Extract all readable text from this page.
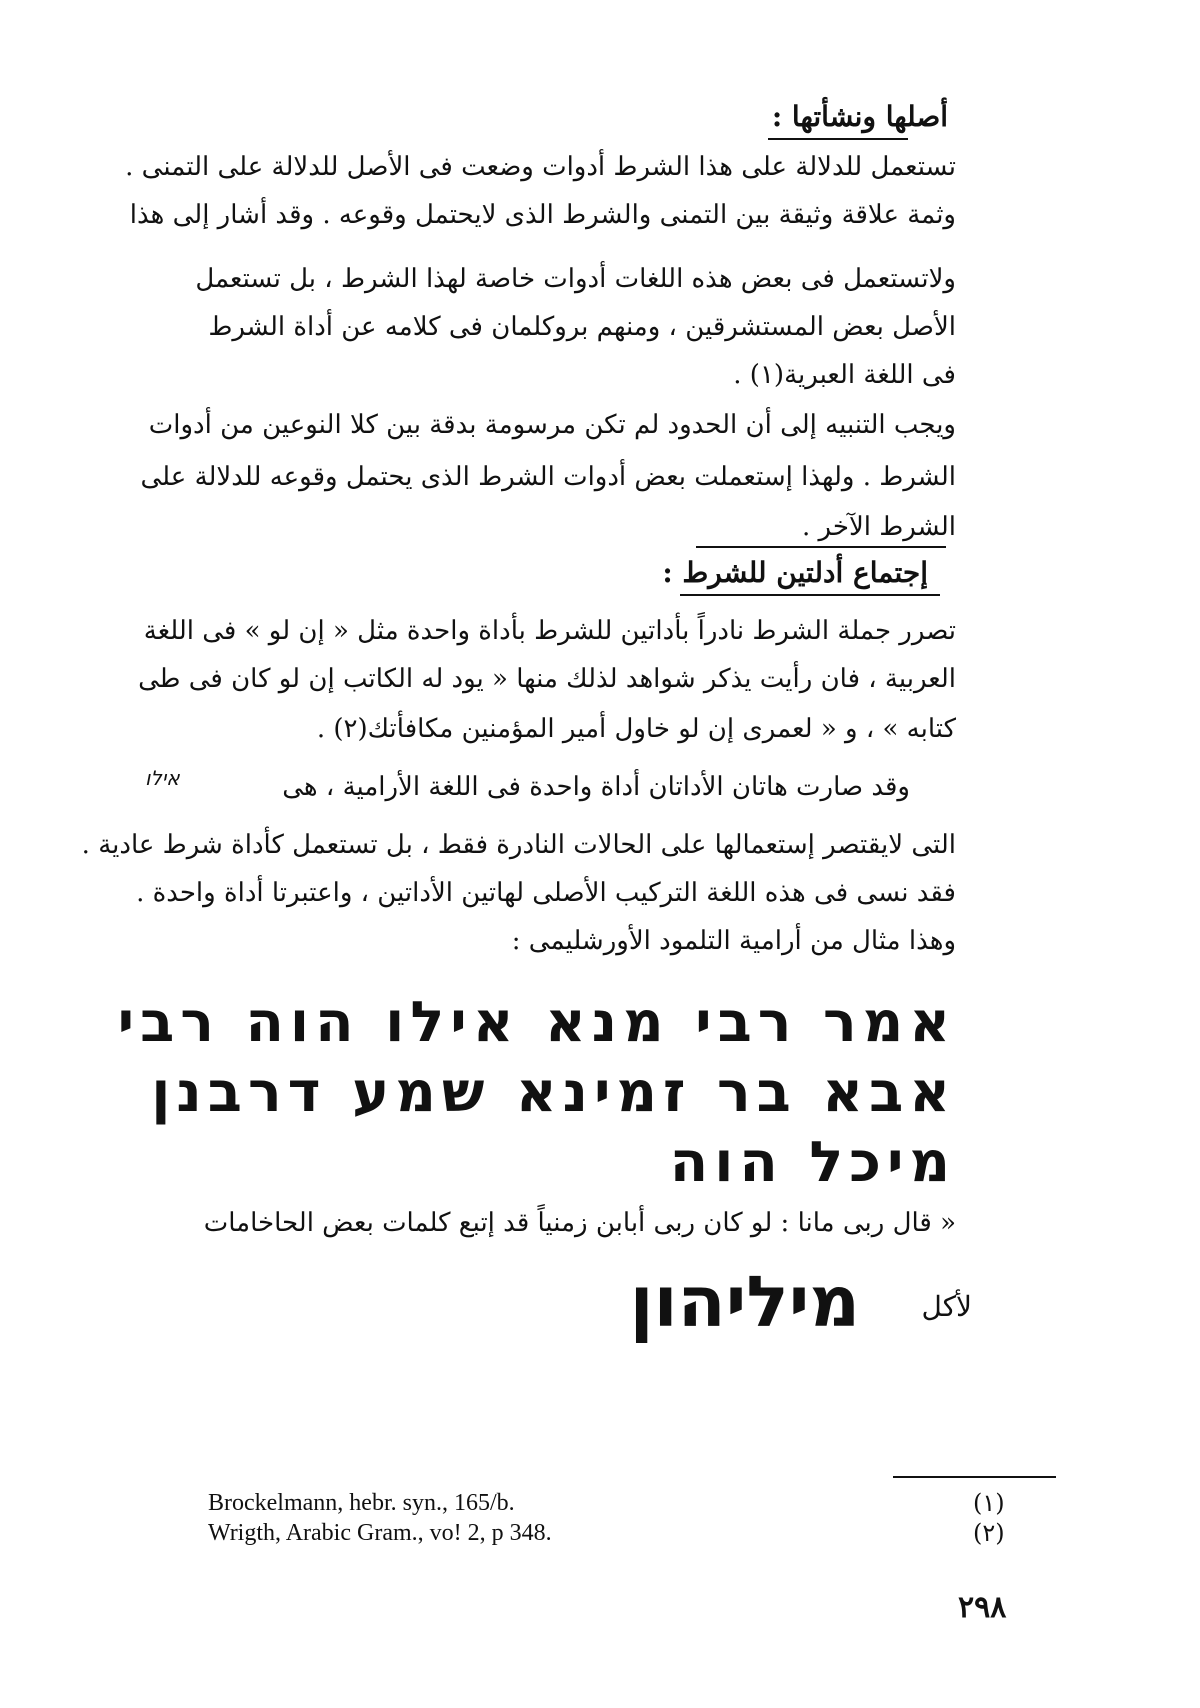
أصلها ونشأتها :
تستعمل للدلالة على هذا الشرط أدوات وضعت فى الأصل للدلالة على التمنى .
وثمة علاقة وثيقة بين التمنى والشرط الذى لايحتمل وقوعه . وقد أشار إلى هذا
ولاتستعمل فى بعض هذه اللغات أدوات خاصة لهذا الشرط ، بل تستعمل
الأصل بعض المستشرقين ، ومنهم بروكلمان فى كلامه عن أداة الشرط
فى اللغة العبرية(١) .
ويجب التنبيه إلى أن الحدود لم تكن مرسومة بدقة بين كلا النوعين من أدوات
الشرط . ولهذا إستعملت بعض أدوات الشرط الذى يحتمل وقوعه للدلالة على
الشرط الآخر .
إجتماع أدلتين للشرط :
تصرر جملة الشرط نادراً بأداتين للشرط بأداة واحدة مثل « إن لو » فى اللغة
العربية ، فان رأيت يذكر شواهد لذلك منها « يود له الكاتب إن لو كان فى طى
كتابه » ، و « لعمرى إن لو خاول أمير المؤمنين مكافأتك(٢) .
وقد صارت هاتان الأداتان أداة واحدة فى اللغة الأرامية ، هى
אילו
التى لايقتصر إستعمالها على الحالات النادرة فقط ، بل تستعمل كأداة شرط عادية .
فقد نسى فى هذه اللغة التركيب الأصلى لهاتين الأداتين ، واعتبرتا أداة واحدة .
وهذا مثال من أرامية التلمود الأورشليمى :
אמר רבי מנא אילו הוה רבי
אבא בר זמינא שמע דרבנן
מיכל הוה
« قال ربى مانا : لو كان ربى أبابن زمنياً قد إتبع كلمات بعض الحاخامات
لأكل
מיליהון
Brockelmann, hebr. syn., 165/b.	(١)
Wrigth, Arabic Gram., vo! 2, p 348.	(٢)
٢٩٨
